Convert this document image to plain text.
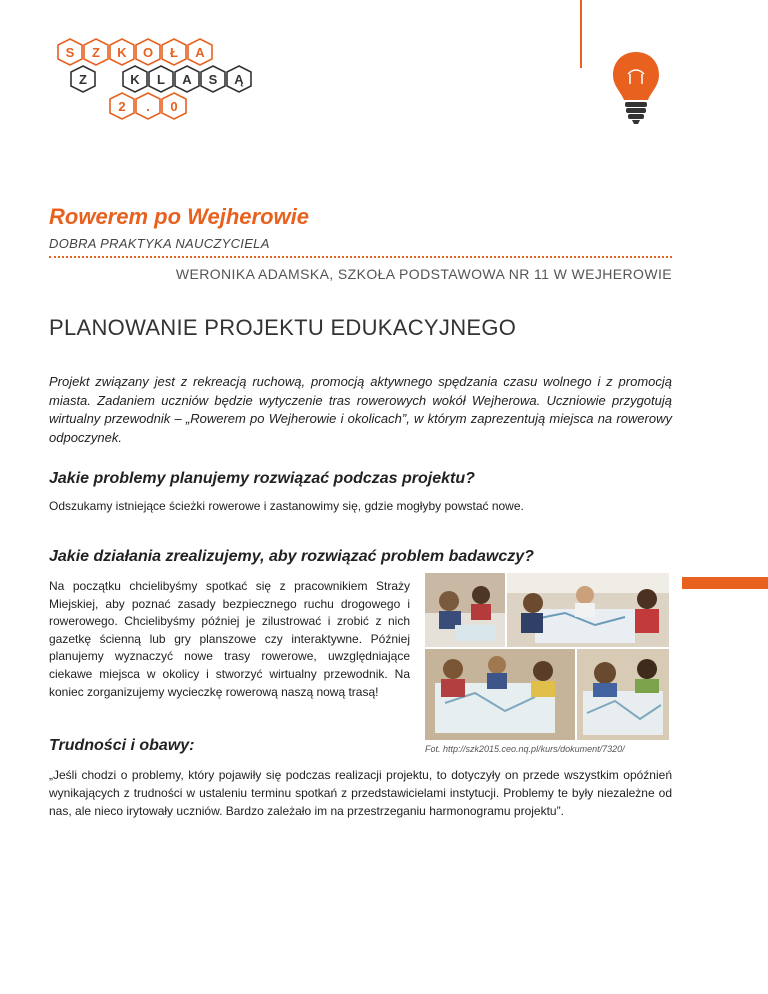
S Z K O Ł A
Z	K L A S Ą
2 . 0
Rowerem po Wejherowie
DOBRA PRAKTYKA NAUCZYCIELA
WERONIKA ADAMSKA, SZKOŁA PODSTAWOWA NR 11 W WEJHEROWIE
PLANOWANIE PROJEKTU EDUKACYJNEGO
Projekt związany jest z rekreacją ruchową, promocją aktywnego spędzania czasu wolnego i z promocją miasta. Zadaniem uczniów będzie wytyczenie tras rowerowych wokół Wejherowa. Uczniowie przygotują wirtualny przewodnik – „Rowerem po Wejherowie i okolicach”, w którym zaprezentują miejsca na rowerowy odpoczynek.
Jakie problemy planujemy rozwiązać podczas projektu?
Odszukamy istniejące ścieżki rowerowe i zastanowimy się, gdzie mogłyby powstać nowe.
Jakie działania zrealizujemy, aby rozwiązać problem badawczy?
Na początku chcielibyśmy spotkać się z pracownikiem Straży Miejskiej, aby poznać zasady bezpiecznego ruchu drogowego i rowerowego. Chcielibyśmy później je zilustrować i zrobić z nich gazetkę ścienną lub gry planszowe czy interaktywne. Później planujemy wyznaczyć nowe trasy rowerowe, uwzględniające ciekawe miejsca w okolicy i stworzyć wirtualny przewodnik. Na koniec zorganizujemy wycieczkę rowerową naszą nową trasą!
Fot. http://szk2015.ceo.nq.pl/kurs/dokument/7320/
Trudności i obawy:
„Jeśli chodzi o problemy, który pojawiły się podczas realizacji projektu, to dotyczyły on przede wszystkim opóźnień wynikających z trudności w ustaleniu terminu spotkań z przedstawicielami instytucji. Problemy te były niezależne od nas, ale nieco irytowały uczniów. Bardzo zależało im na przestrzeganiu harmonogramu projektu”.
